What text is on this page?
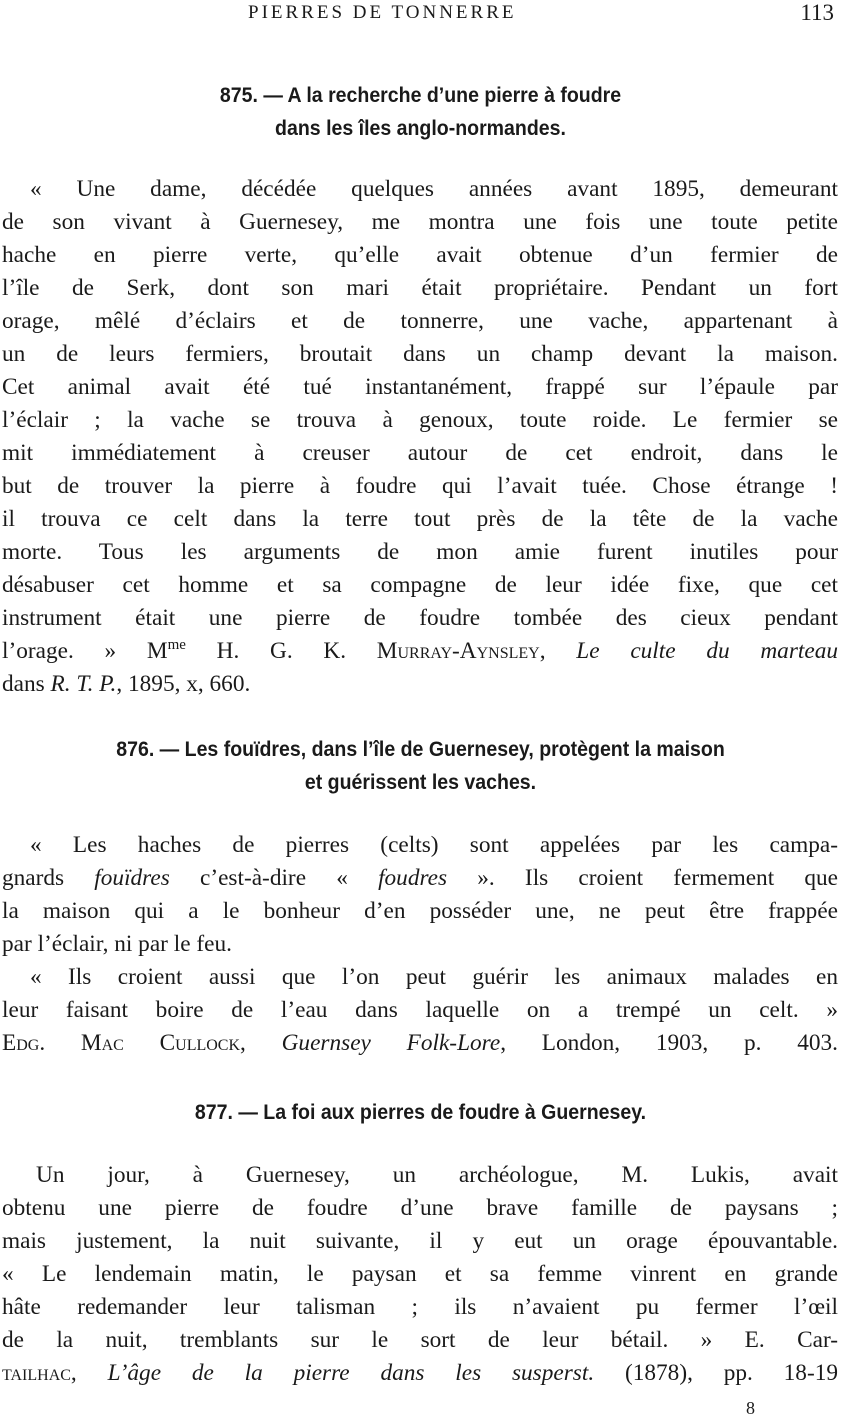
PIERRES DE TONNERRE	113
875. — A la recherche d’une pierre à foudre
dans les îles anglo-normandes.
« Une dame, décédée quelques années avant 1895, demeurant
de son vivant à Guernesey, me montra une fois une toute petite
hache en pierre verte, qu’elle avait obtenue d’un fermier de
l’île de Serk, dont son mari était propriétaire. Pendant un fort
orage, mêlé d’éclairs et de tonnerre, une vache, appartenant à
un de leurs fermiers, broutait dans un champ devant la maison.
Cet animal avait été tué instantanément, frappé sur l’épaule par
l’éclair ; la vache se trouva à genoux, toute roide. Le fermier se
mit immédiatement à creuser autour de cet endroit, dans le
but de trouver la pierre à foudre qui l’avait tuée. Chose étrange !
il trouva ce celt dans la terre tout près de la tête de la vache
morte. Tous les arguments de mon amie furent inutiles pour
désabuser cet homme et sa compagne de leur idée fixe, que cet
instrument était une pierre de foudre tombée des cieux pendant
l’orage. » $M^{me}$ H. G. K. Murray-Aynsley, Le culte du marteau
dans R. T. P., 1895, x, 660.
876. — Les fouïdres, dans l’île de Guernesey, protègent la maison
et guérissent les vaches.
« Les haches de pierres (celts) sont appelées par les campa-
gnards fouïdres c’est-à-dire « foudres ». Ils croient fermement que
la maison qui a le bonheur d’en posséder une, ne peut être frappée
par l’éclair, ni par le feu.
« Ils croient aussi que l’on peut guérir les animaux malades en
leur faisant boire de l’eau dans laquelle on a trempé un celt. »
Edg. Mac Cullock, Guernsey Folk-Lore, London, 1903, p. 403.
877. — La foi aux pierres de foudre à Guernesey.
Un jour, à Guernesey, un archéologue, M. Lukis, avait
obtenu une pierre de foudre d’une brave famille de paysans ;
mais justement, la nuit suivante, il y eut un orage épouvantable.
« Le lendemain matin, le paysan et sa femme vinrent en grande
hâte redemander leur talisman ; ils n’avaient pu fermer l’œil
de la nuit, tremblants sur le sort de leur bétail. » E. Car-
tailhac, L’âge de la pierre dans les susperst. (1878), pp. 18-19
8
